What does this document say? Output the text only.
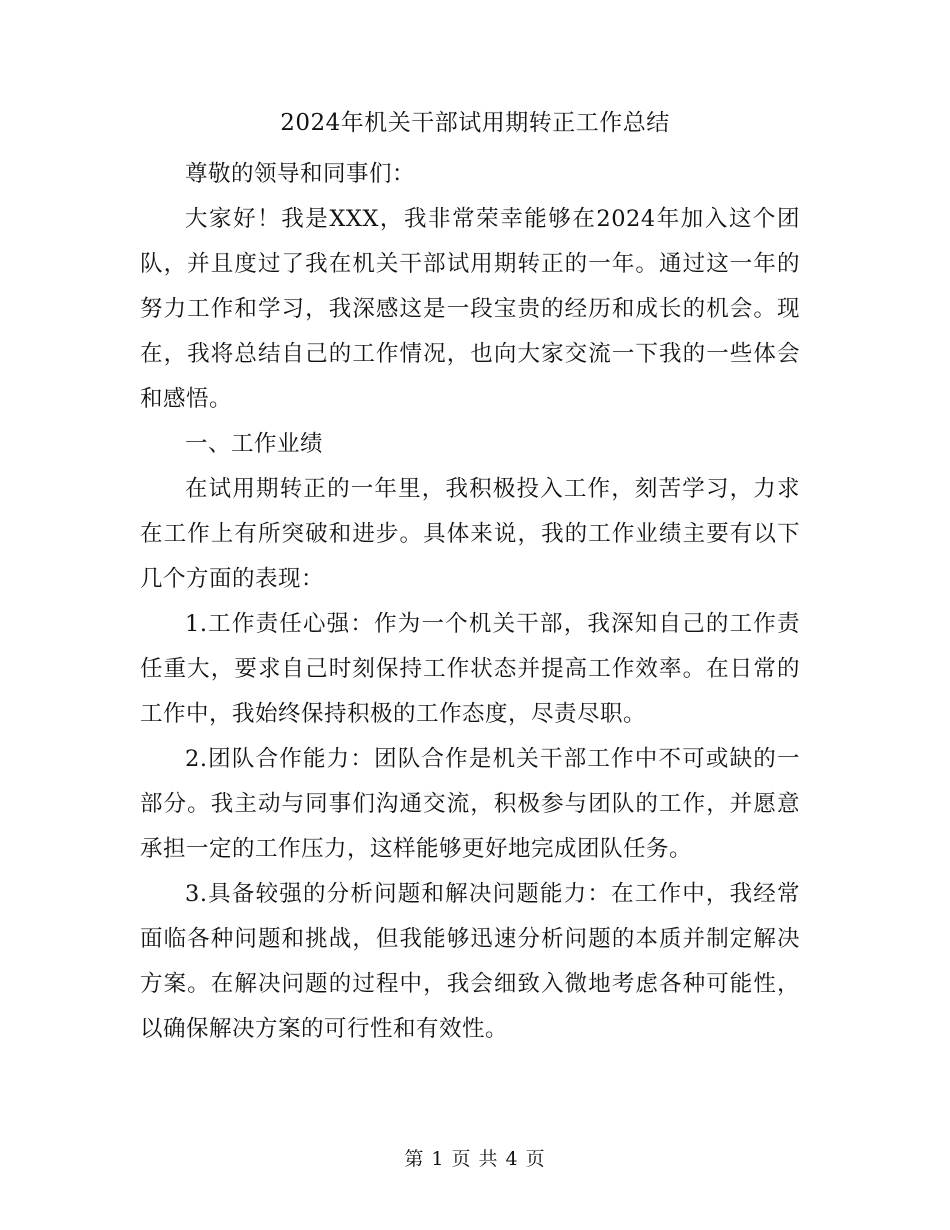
2024年机关干部试用期转正工作总结

尊敬的领导和同事们：

大家好！我是XXX，我非常荣幸能够在2024年加入这个团队，并且度过了我在机关干部试用期转正的一年。通过这一年的努力工作和学习，我深感这是一段宝贵的经历和成长的机会。现在，我将总结自己的工作情况，也向大家交流一下我的一些体会和感悟。

一、工作业绩

在试用期转正的一年里，我积极投入工作，刻苦学习，力求在工作上有所突破和进步。具体来说，我的工作业绩主要有以下几个方面的表现：

1.工作责任心强：作为一个机关干部，我深知自己的工作责任重大，要求自己时刻保持工作状态并提高工作效率。在日常的工作中，我始终保持积极的工作态度，尽责尽职。

2.团队合作能力：团队合作是机关干部工作中不可或缺的一部分。我主动与同事们沟通交流，积极参与团队的工作，并愿意承担一定的工作压力，这样能够更好地完成团队任务。

3.具备较强的分析问题和解决问题能力：在工作中，我经常面临各种问题和挑战，但我能够迅速分析问题的本质并制定解决方案。在解决问题的过程中，我会细致入微地考虑各种可能性，以确保解决方案的可行性和有效性。

第 1 页 共 4 页
